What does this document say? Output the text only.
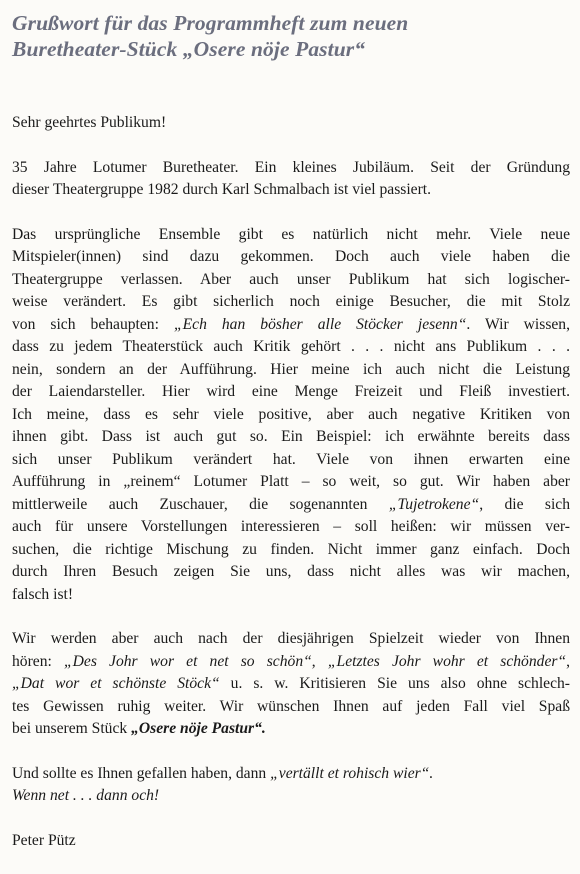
Grußwort für das Programmheft zum neuen
Buretheater-Stück „Osere nöje Pastur“

Sehr geehrtes Publikum!

35 Jahre Lotumer Buretheater. Ein kleines Jubiläum. Seit der Gründung
dieser Theatergruppe 1982 durch Karl Schmalbach ist viel passiert.

Das ursprüngliche Ensemble gibt es natürlich nicht mehr. Viele neue
Mitspieler(innen) sind dazu gekommen. Doch auch viele haben die
Theatergruppe verlassen. Aber auch unser Publikum hat sich logischer-
weise verändert. Es gibt sicherlich noch einige Besucher, die mit Stolz
von sich behaupten: „Ech han bösher alle Stöcker jesenn“. Wir wissen,
dass zu jedem Theaterstück auch Kritik gehört . . . nicht ans Publikum . . .
nein, sondern an der Aufführung. Hier meine ich auch nicht die Leistung
der Laiendarsteller. Hier wird eine Menge Freizeit und Fleiß investiert.
Ich meine, dass es sehr viele positive, aber auch negative Kritiken von
ihnen gibt. Dass ist auch gut so. Ein Beispiel: ich erwähnte bereits dass
sich unser Publikum verändert hat. Viele von ihnen erwarten eine
Aufführung in „reinem“ Lotumer Platt – so weit, so gut. Wir haben aber
mittlerweile auch Zuschauer, die sogenannten „Tujetrokene“, die sich
auch für unsere Vorstellungen interessieren – soll heißen: wir müssen ver-
suchen, die richtige Mischung zu finden. Nicht immer ganz einfach. Doch
durch Ihren Besuch zeigen Sie uns, dass nicht alles was wir machen,
falsch ist!

Wir werden aber auch nach der diesjährigen Spielzeit wieder von Ihnen
hören: „Des Johr wor et net so schön“, „Letztes Johr wohr et schönder“,
„Dat wor et schönste Stöck“ u. s. w. Kritisieren Sie uns also ohne schlech-
tes Gewissen ruhig weiter. Wir wünschen Ihnen auf jeden Fall viel Spaß
bei unserem Stück „Osere nöje Pastur“.

Und sollte es Ihnen gefallen haben, dann „vertällt et rohisch wier“.
Wenn net . . . dann och!

Peter Pütz
